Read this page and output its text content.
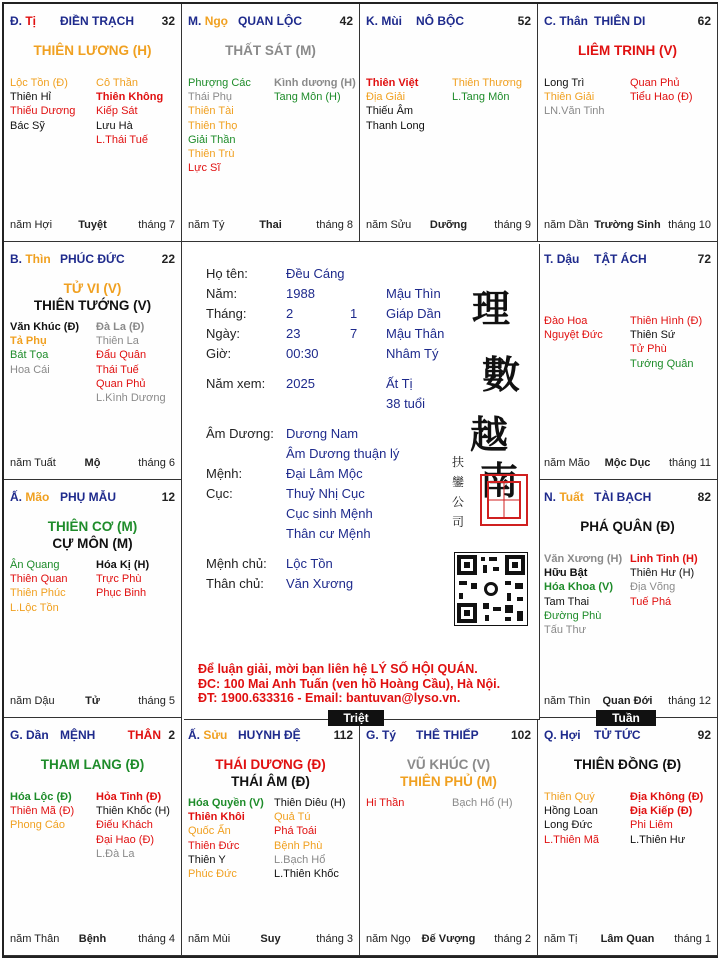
Đ. Tị ĐIỀN TRẠCH 32
THIÊN LƯƠNG (H)
Lộc Tồn (Đ)
Thiên Hỉ
Thiếu Dương
Bác Sỹ
Cô Thần
Thiên Không
Kiếp Sát
Lưu Hà
L.Thái Tuế
năm Hợi	Tuyệt	tháng 7
M. Ngọ QUAN LỘC	42
THẤT SÁT (M)
Phượng Các
Thái Phụ
Thiên Tài
Thiên Thọ
Giải Thần
Thiên Trù
Lực Sĩ
Kình dương (H)
Tang Môn (H)
năm Tý	Thai	tháng 8
K. Mùi NÔ BỘC	52
Thiên Việt
Địa Giải
Thiếu Âm
Thanh Long
Thiên Thương
L.Tang Môn
năm Sửu	Dưỡng	tháng 9
C. Thân THIÊN DI	62
LIÊM TRINH (V)
Long Trì
Thiên Giải
LN.Văn Tinh
Quan Phủ
Tiểu Hao (Đ)
năm Dần Trường Sinh tháng 10
B. Thìn PHÚC ĐỨC	22
TỬ VI (V)
THIÊN TƯỚNG (V)
Văn Khúc (Đ)
Tả Phụ
Bát Tọa
Hoa Cái
Đà La (Đ)
Thiên La
Đẩu Quân
Thái Tuế
Quan Phủ
L.Kình Dương
năm Tuất	Mộ	tháng 6
T. Dậu TẬT ÁCH	72
Đào Hoa
Nguyệt Đức
Thiên Hình (Đ)
Thiên Sứ
Tử Phù
Tướng Quân
năm Mão	Mộc Dục	tháng 11
Ấ. Mão PHỤ MẪU	12
THIÊN CƠ (M)
CỰ MÔN (M)
Ân Quang
Thiên Quan
Thiên Phúc
L.Lộc Tồn
Hóa Kị (H)
Trực Phù
Phục Binh
năm Dậu	Tử	tháng 5
N. Tuất TÀI BẠCH	82
PHÁ QUÂN (Đ)
Văn Xương (H)
Hữu Bật
Hóa Khoa (V)
Tam Thai
Đường Phù
Tấu Thư
Linh Tinh (H)
Thiên Hư (H)
Địa Võng
Tuế Phá
năm Thìn	Quan Đới	tháng 12
G. Dần MỆNH	THÂN 2
THAM LANG (Đ)
Hóa Lộc (Đ)
Thiên Mã (Đ)
Phong Cáo
Hỏa Tinh (Đ)
Thiên Khốc (H)
Điếu Khách
Đại Hao (Đ)
L.Đà La
năm Thân	Bệnh	tháng 4
Ấ. Sửu HUYNH ĐỆ	112
THÁI DƯƠNG (Đ)
THÁI ÂM (Đ)
Hóa Quyền (V)
Thiên Khôi
Quốc Ấn
Thiên Đức
Thiên Y
Phúc Đức
Thiên Diêu (H)
Quả Tú
Phá Toái
Bệnh Phù
L.Bạch Hổ
L.Thiên Khốc
năm Mùi	Suy	tháng 3
G. Tý THÊ THIẾP	102
VŨ KHÚC (V)
THIÊN PHỦ (M)
Hi Thần	Bạch Hổ (H)
năm Ngọ	Đế Vượng	tháng 2
Q. Hợi TỬ TỨC	92
THIÊN ĐỒNG (Đ)
Thiên Quý
Hồng Loan
Long Đức
L.Thiên Mã
Địa Không (Đ)
Địa Kiếp (Đ)
Phi Liêm
L.Thiên Hư
năm Tị	Lâm Quan	tháng 1
Họ tên:	Đều Cáng
Năm:	1988	Mậu Thìn
Tháng:	2	1 Giáp Dần
Ngày:	23	7 Mậu Thân
Giờ:	00:30	Nhâm Tý
Năm xem: 2025	Ất Tị
38 tuổi
Âm Dương: Dương Nam
Âm Dương thuận lý
Mệnh:	Đại Lâm Mộc
Cục:	Thuỷ Nhị Cục
Cục sinh Mệnh
Thân cư Mệnh
Mệnh chủ: Lộc Tồn
Thân chủ: Văn Xương
理
數
越
南
扶鑾公司
Để luận giải, mời bạn liên hệ LÝ SỐ HỘI QUÁN.
ĐC: 100 Mai Anh Tuấn (ven hồ Hoàng Cầu), Hà Nội.
ĐT: 1900.633316 - Email: bantuvan@lyso.vn.
Triệt	Tuần
